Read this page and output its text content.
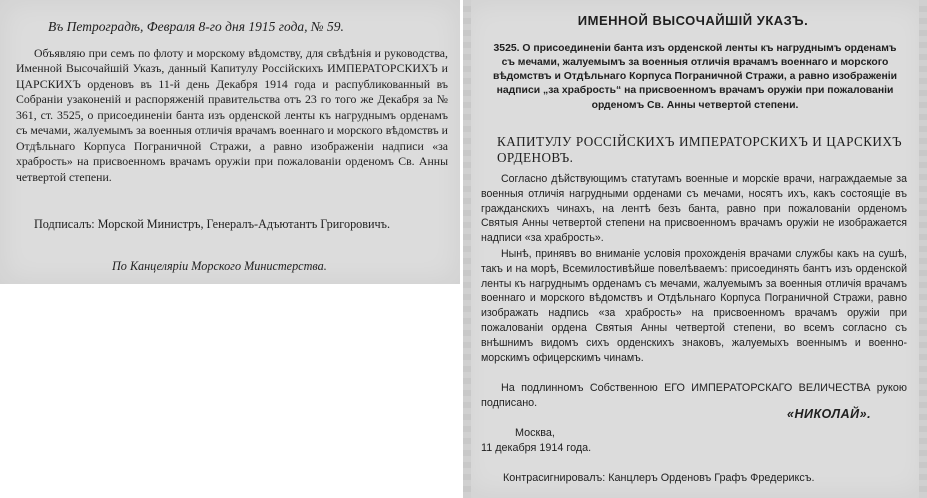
Въ Петроградѣ, Февраля 8-го дня 1915 года, № 59.

Объявляю при семъ по флоту и морскому вѣдомству, для свѣдѣнія и руководства, Именной Высочайшій Указъ, данный Капитулу Россійскихъ ИМПЕРАТОРСКИХЪ и ЦАРСКИХЪ орденовъ въ 11-й день Декабря 1914 года и распубликованный въ Собраніи узаконеній и распоряженій правительства отъ 23 го того же Декабря за № 361, ст. 3525, о присоединеніи банта изъ орденской ленты къ нагруднымъ орденамъ съ мечами, жалуемымъ за военныя отличія врачамъ военнаго и морского вѣдомствъ и Отдѣльнаго Корпуса Пограничной Стражи, а равно изображеніи надписи «за храбрость» на присвоенномъ врачамъ оружіи при пожалованіи орденомъ Св. Анны четвертой степени.

Подписалъ: Морской Министръ, Генералъ-Адъютантъ Григоровичъ.

По Канцеляріи Морского Министерства.

ИМЕННОЙ ВЫСОЧАЙШІЙ УКАЗЪ.

3525. О присоединеніи банта изъ орденской ленты къ нагруднымъ орденамъ съ мечами, жалуемымъ за военныя отличія врачамъ военнаго и морского вѣдомствъ и Отдѣльнаго Корпуса Пограничной Стражи, а равно изображеніи надписи „за храбрость“ на присвоенномъ врачамъ оружіи при пожалованіи орденомъ Св. Анны четвертой степени.

КАПИТУЛУ РОССІЙСКИХЪ ИМПЕРАТОРСКИХЪ И ЦАРСКИХЪ ОРДЕНОВЪ.

Согласно дѣйствующимъ статутамъ военные и морскіе врачи, награждаемые за военныя отличія нагрудными орденами съ мечами, носятъ ихъ, какъ состоящіе въ гражданскихъ чинахъ, на лентѣ безъ банта, равно при пожалованіи орденомъ Святыя Анны четвертой степени на присвоенномъ врачамъ оружіи не изображается надписи «за храбрость».

Нынѣ, принявъ во вниманіе условія прохожденія врачами службы какъ на сушѣ, такъ и на морѣ, Всемилостивѣйше повелѣваемъ: присоединять бантъ изъ орденской ленты къ нагруднымъ орденамъ съ мечами, жалуемымъ за военныя отличія врачамъ военнаго и морского вѣдомствъ и Отдѣльнаго Корпуса Пограничной Стражи, равно изображать надпись «за храбрость» на присвоенномъ врачамъ оружіи при пожалованіи ордена Святыя Анны четвертой степени, во всемъ согласно съ внѣшнимъ видомъ сихъ орденскихъ знаковъ, жалуемыхъ военнымъ и военно-морскимъ офицерскимъ чинамъ.

На подлинномъ Собственною ЕГО ИМПЕРАТОРСКАГО ВЕЛИЧЕСТВА рукою подписано.

«НИКОЛАЙ».

Москва,

11 декабря 1914 года.

Контрасигнировалъ: Канцлеръ Орденовъ Графъ Фредериксъ.
